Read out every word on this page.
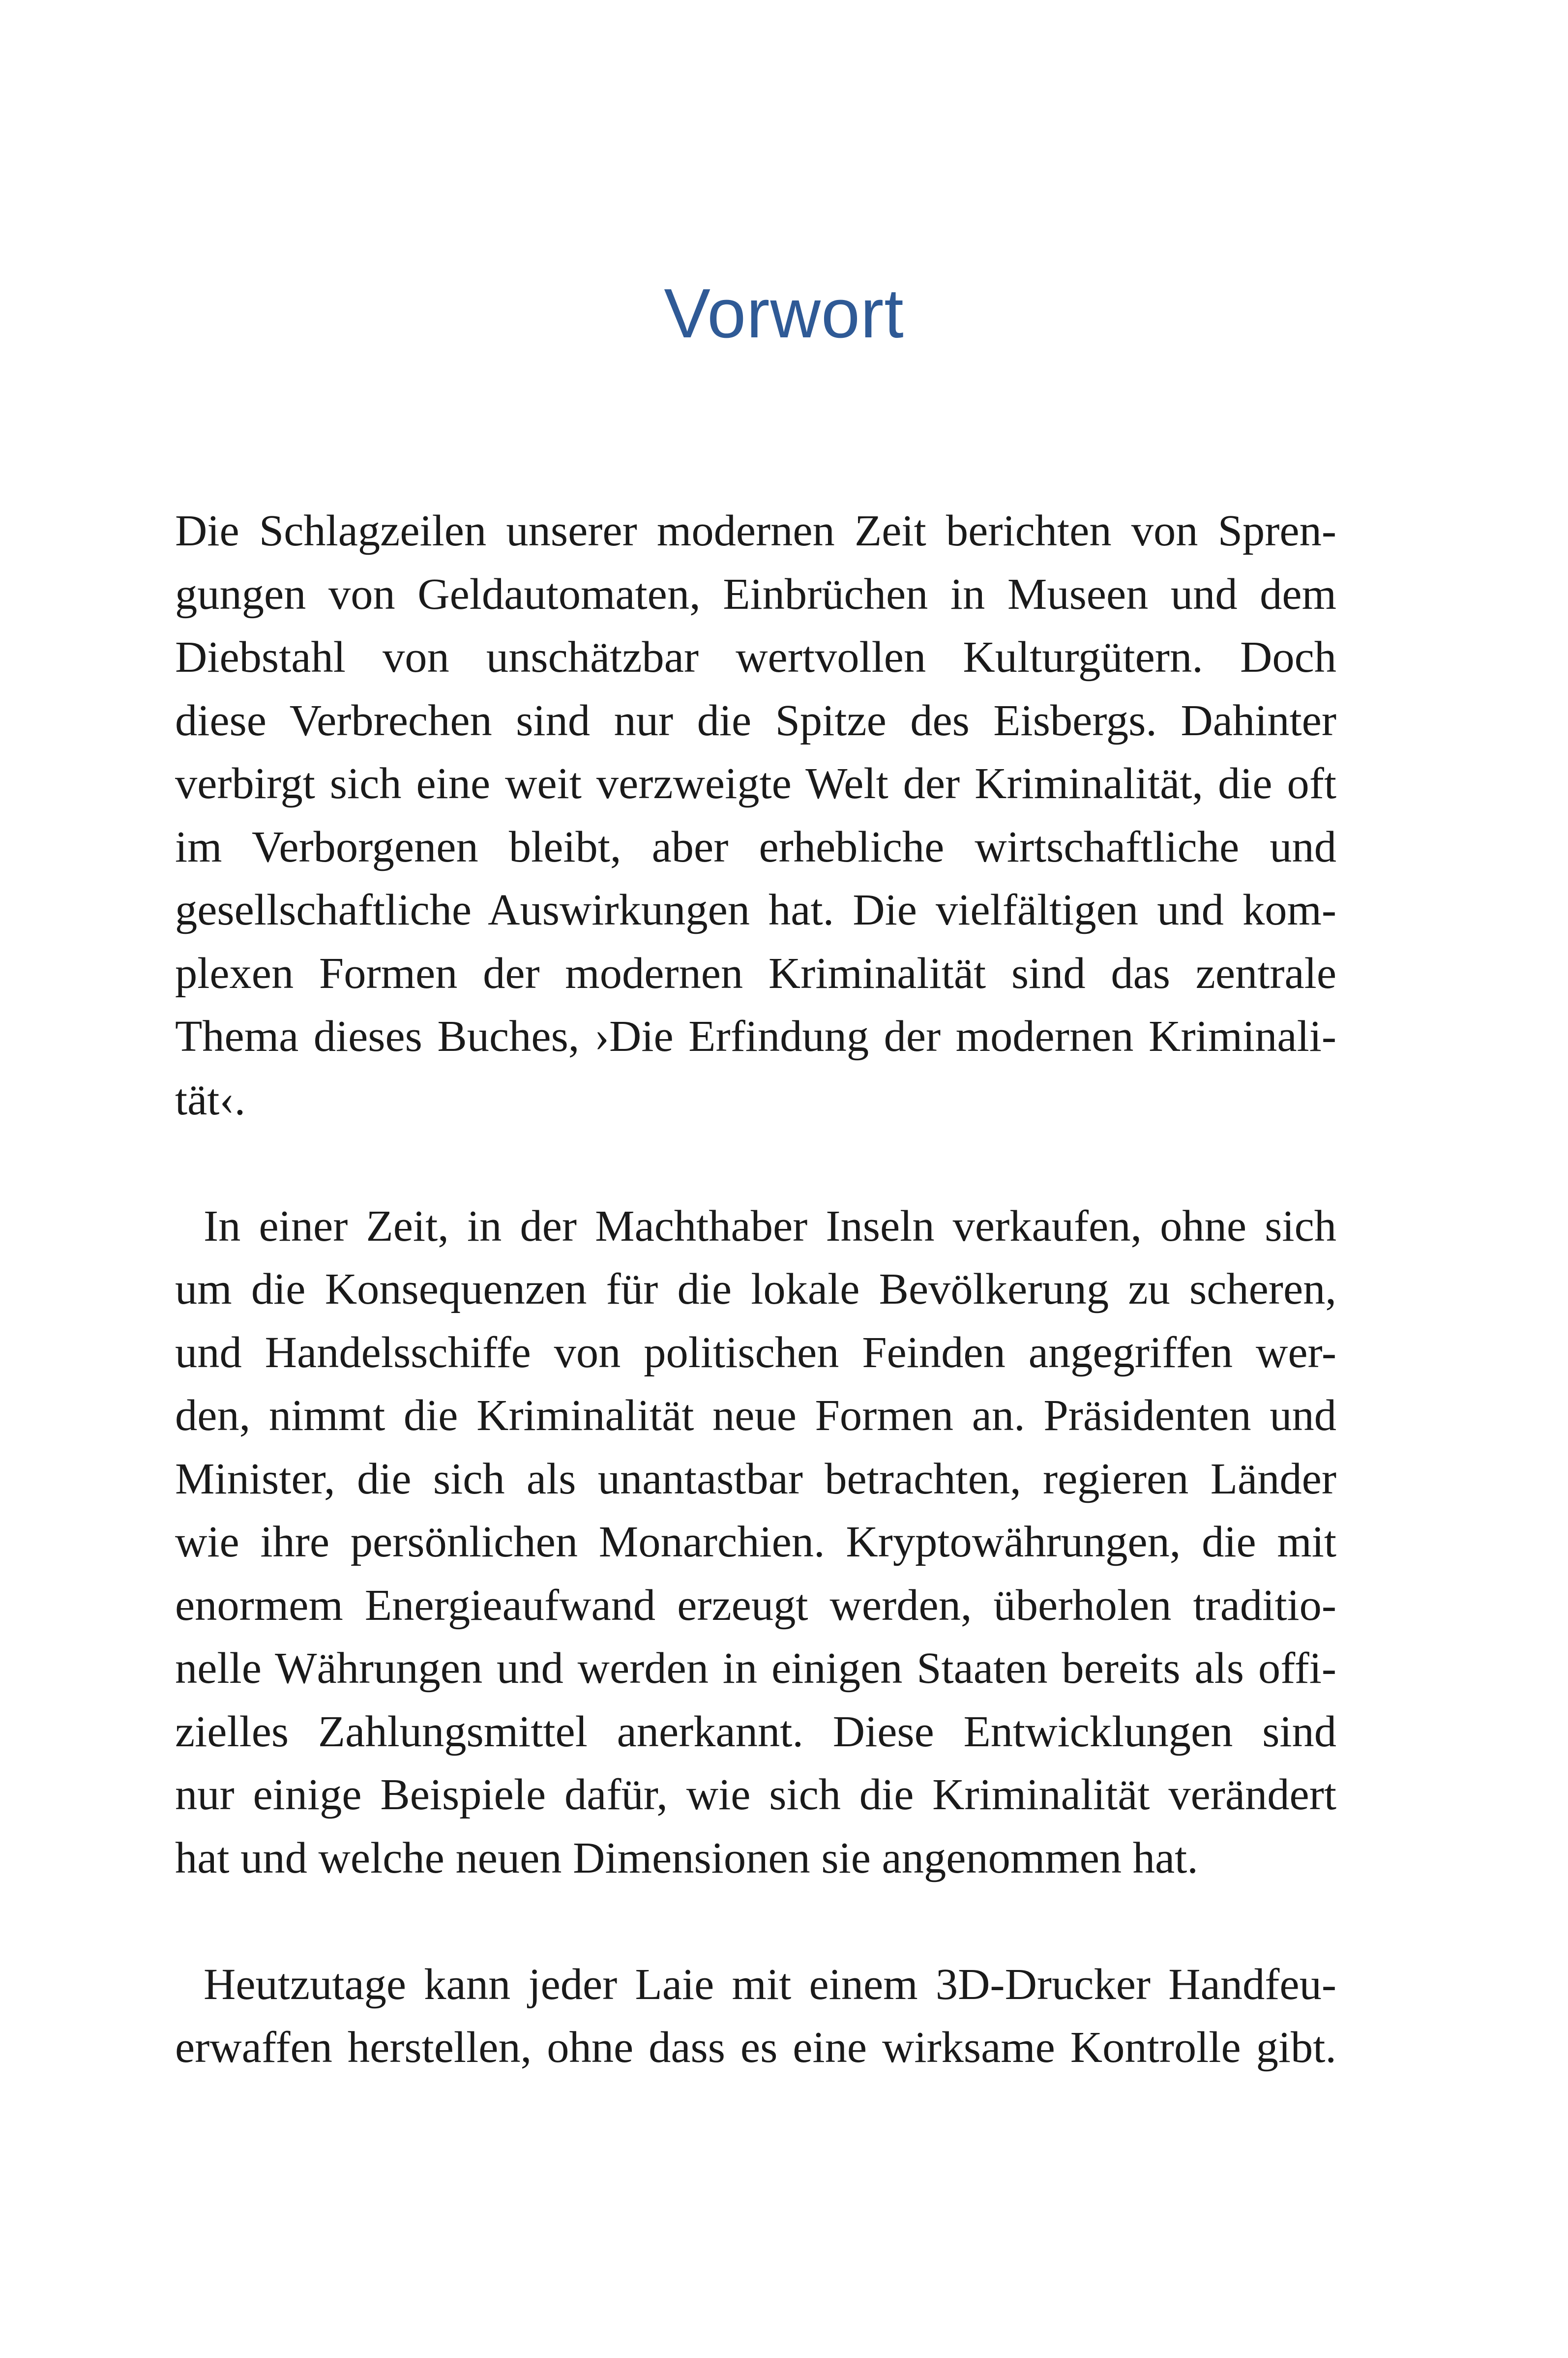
Vorwort

Die Schlagzeilen unserer modernen Zeit berichten von Spren-
gungen von Geldautomaten, Einbrüchen in Museen und dem
Diebstahl von unschätzbar wertvollen Kulturgütern. Doch
diese Verbrechen sind nur die Spitze des Eisbergs. Dahinter
verbirgt sich eine weit verzweigte Welt der Kriminalität, die oft
im Verborgenen bleibt, aber erhebliche wirtschaftliche und
gesellschaftliche Auswirkungen hat. Die vielfältigen und kom-
plexen Formen der modernen Kriminalität sind das zentrale
Thema dieses Buches, ›Die Erfindung der modernen Kriminali-
tät‹.

In einer Zeit, in der Machthaber Inseln verkaufen, ohne sich
um die Konsequenzen für die lokale Bevölkerung zu scheren,
und Handelsschiffe von politischen Feinden angegriffen wer-
den, nimmt die Kriminalität neue Formen an. Präsidenten und
Minister, die sich als unantastbar betrachten, regieren Länder
wie ihre persönlichen Monarchien. Kryptowährungen, die mit
enormem Energieaufwand erzeugt werden, überholen traditio-
nelle Währungen und werden in einigen Staaten bereits als offi-
zielles Zahlungsmittel anerkannt. Diese Entwicklungen sind
nur einige Beispiele dafür, wie sich die Kriminalität verändert
hat und welche neuen Dimensionen sie angenommen hat.

Heutzutage kann jeder Laie mit einem 3D-Drucker Handfeu-
erwaffen herstellen, ohne dass es eine wirksame Kontrolle gibt.
